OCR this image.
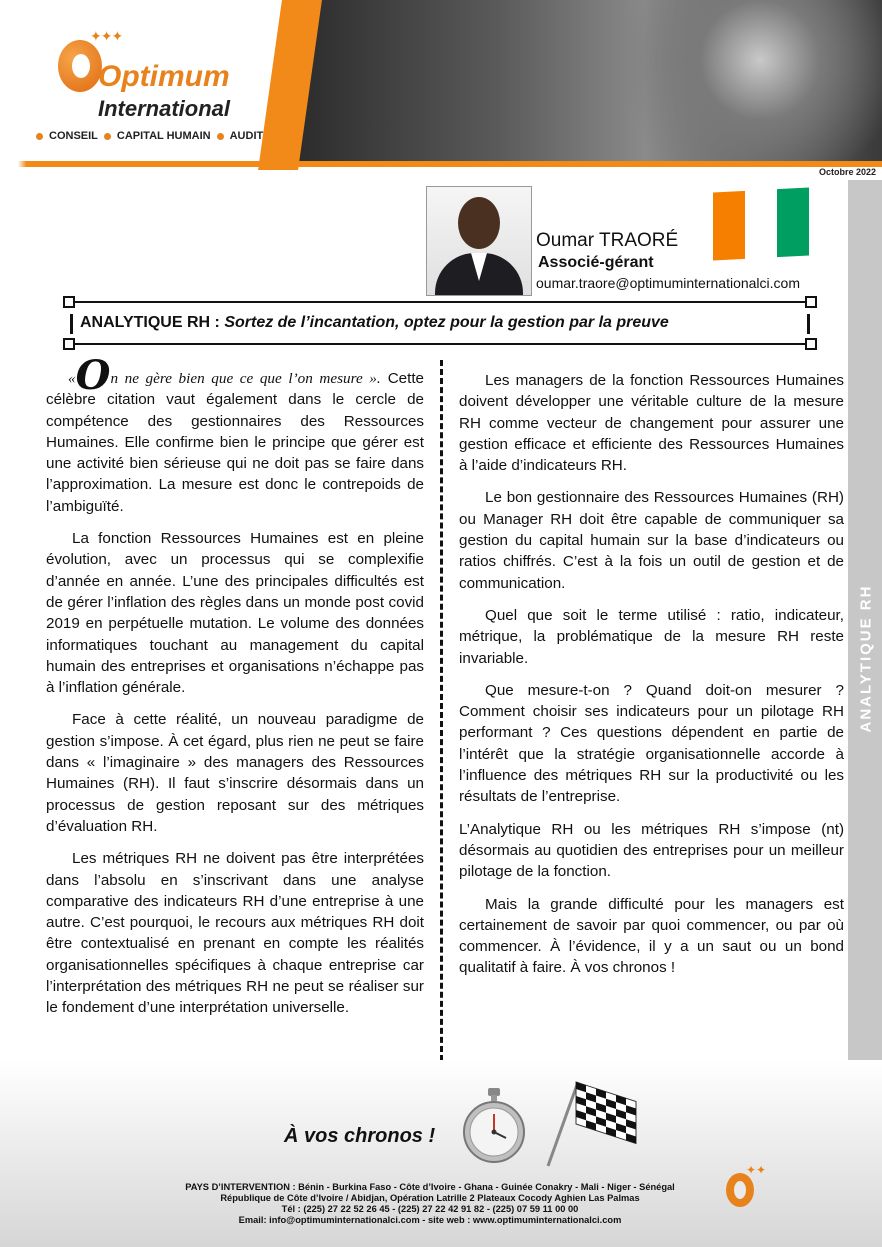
✦✦✦
Optimum
International
CONSEIL CAPITAL HUMAIN AUDIT
Octobre 2022
ANALYTIQUE RH
Oumar TRAORÉ
Associé-gérant
oumar.traore@optimuminternationalci.com
ANALYTIQUE RH : Sortez de l’incantation, optez pour la gestion par la preuve

«On ne gère bien que ce que l’on mesure ». Cette célèbre citation vaut également dans le cercle de compétence des gestionnaires des Ressources Humaines. Elle confirme bien le principe que gérer est une activité bien sérieuse qui ne doit pas se faire dans l’approximation. La mesure est donc le contrepoids de l’ambiguïté.

La fonction Ressources Humaines est en pleine évolution, avec un processus qui se complexifie d’année en année. L’une des principales difficultés est de gérer l’inflation des règles dans un monde post covid 2019 en perpétuelle mutation. Le volume des données informatiques touchant au management du capital humain des entreprises et organisations n’échappe pas à l’inflation générale.

Face à cette réalité, un nouveau paradigme de gestion s’impose. À cet égard, plus rien ne peut se faire dans « l’imaginaire » des managers des Ressources Humaines (RH). Il faut s’inscrire désormais dans un processus de gestion reposant sur des métriques d’évaluation RH.

Les métriques RH ne doivent pas être interprétées dans l’absolu en s’inscrivant dans une analyse comparative des indicateurs RH d’une entreprise à une autre. C’est pourquoi, le recours aux métriques RH doit être contextualisé en prenant en compte les réalités organisationnelles spécifiques à chaque entreprise car l’interprétation des métriques RH ne peut se réaliser sur le fondement d’une interprétation universelle.

Les managers de la fonction Ressources Humaines doivent développer une véritable culture de la mesure RH comme vecteur de changement pour assurer une gestion efficace et efficiente des Ressources Humaines à l’aide d’indicateurs RH.

Le bon gestionnaire des Ressources Humaines (RH) ou Manager RH doit être capable de communiquer sa gestion du capital humain sur la base d’indicateurs ou ratios chiffrés. C’est à la fois un outil de gestion et de communication.

Quel que soit le terme utilisé : ratio, indicateur, métrique, la problématique de la mesure RH reste invariable.

Que mesure-t-on ? Quand doit-on mesurer ? Comment choisir ses indicateurs pour un pilotage RH performant ? Ces questions dépendent en partie de l’intérêt que la stratégie organisationnelle accorde à l’influence des métriques RH sur la productivité ou les résultats de l’entreprise.

L’Analytique RH ou les métriques RH s’impose (nt) désormais au quotidien des entreprises pour un meilleur pilotage de la fonction.

Mais la grande difficulté pour les managers est certainement de savoir par quoi commencer, ou par où commencer. À l’évidence, il y a un saut ou un bond qualitatif à faire. À vos chronos !

À vos chronos !
PAYS D’INTERVENTION : Bénin - Burkina Faso - Côte d’Ivoire - Ghana - Guinée Conakry - Mali - Niger - Sénégal
République de Côte d’Ivoire / Abidjan, Opération Latrille 2 Plateaux Cocody Aghien Las Palmas
Tél : (225) 27 22 52 26 45 - (225) 27 22 42 91 82 - (225) 07 59 11 00 00
Email: info@optimuminternationalci.com - site web : www.optimuminternationalci.com
✦✦
